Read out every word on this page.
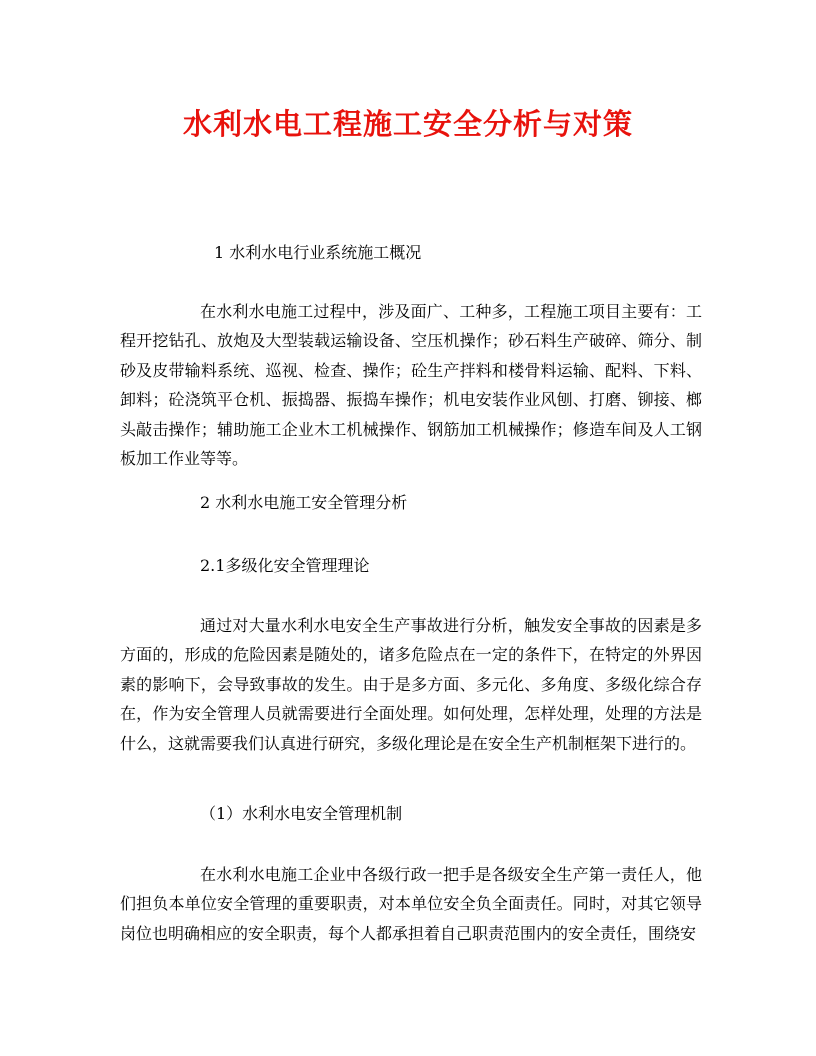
水利水电工程施工安全分析与对策
1 水利水电行业系统施工概况
在水利水电施工过程中，涉及面广、工种多，工程施工项目主要有：工程开挖钻孔、放炮及大型装载运输设备、空压机操作；砂石料生产破碎、筛分、制砂及皮带输料系统、巡视、检查、操作；砼生产拌料和楼骨料运输、配料、下料、卸料；砼浇筑平仓机、振捣器、振捣车操作；机电安装作业风刨、打磨、铆接、榔头敲击操作；辅助施工企业木工机械操作、钢筋加工机械操作；修造车间及人工钢板加工作业等等。
2 水利水电施工安全管理分析
2.1多级化安全管理理论
通过对大量水利水电安全生产事故进行分析，触发安全事故的因素是多方面的，形成的危险因素是随处的，诸多危险点在一定的条件下，在特定的外界因素的影响下，会导致事故的发生。由于是多方面、多元化、多角度、多级化综合存在，作为安全管理人员就需要进行全面处理。如何处理，怎样处理，处理的方法是什么，这就需要我们认真进行研究，多级化理论是在安全生产机制框架下进行的。
（1）水利水电安全管理机制
在水利水电施工企业中各级行政一把手是各级安全生产第一责任人，他们担负本单位安全管理的重要职责，对本单位安全负全面责任。同时，对其它领导岗位也明确相应的安全职责，每个人都承担着自己职责范围内的安全责任，围绕安
